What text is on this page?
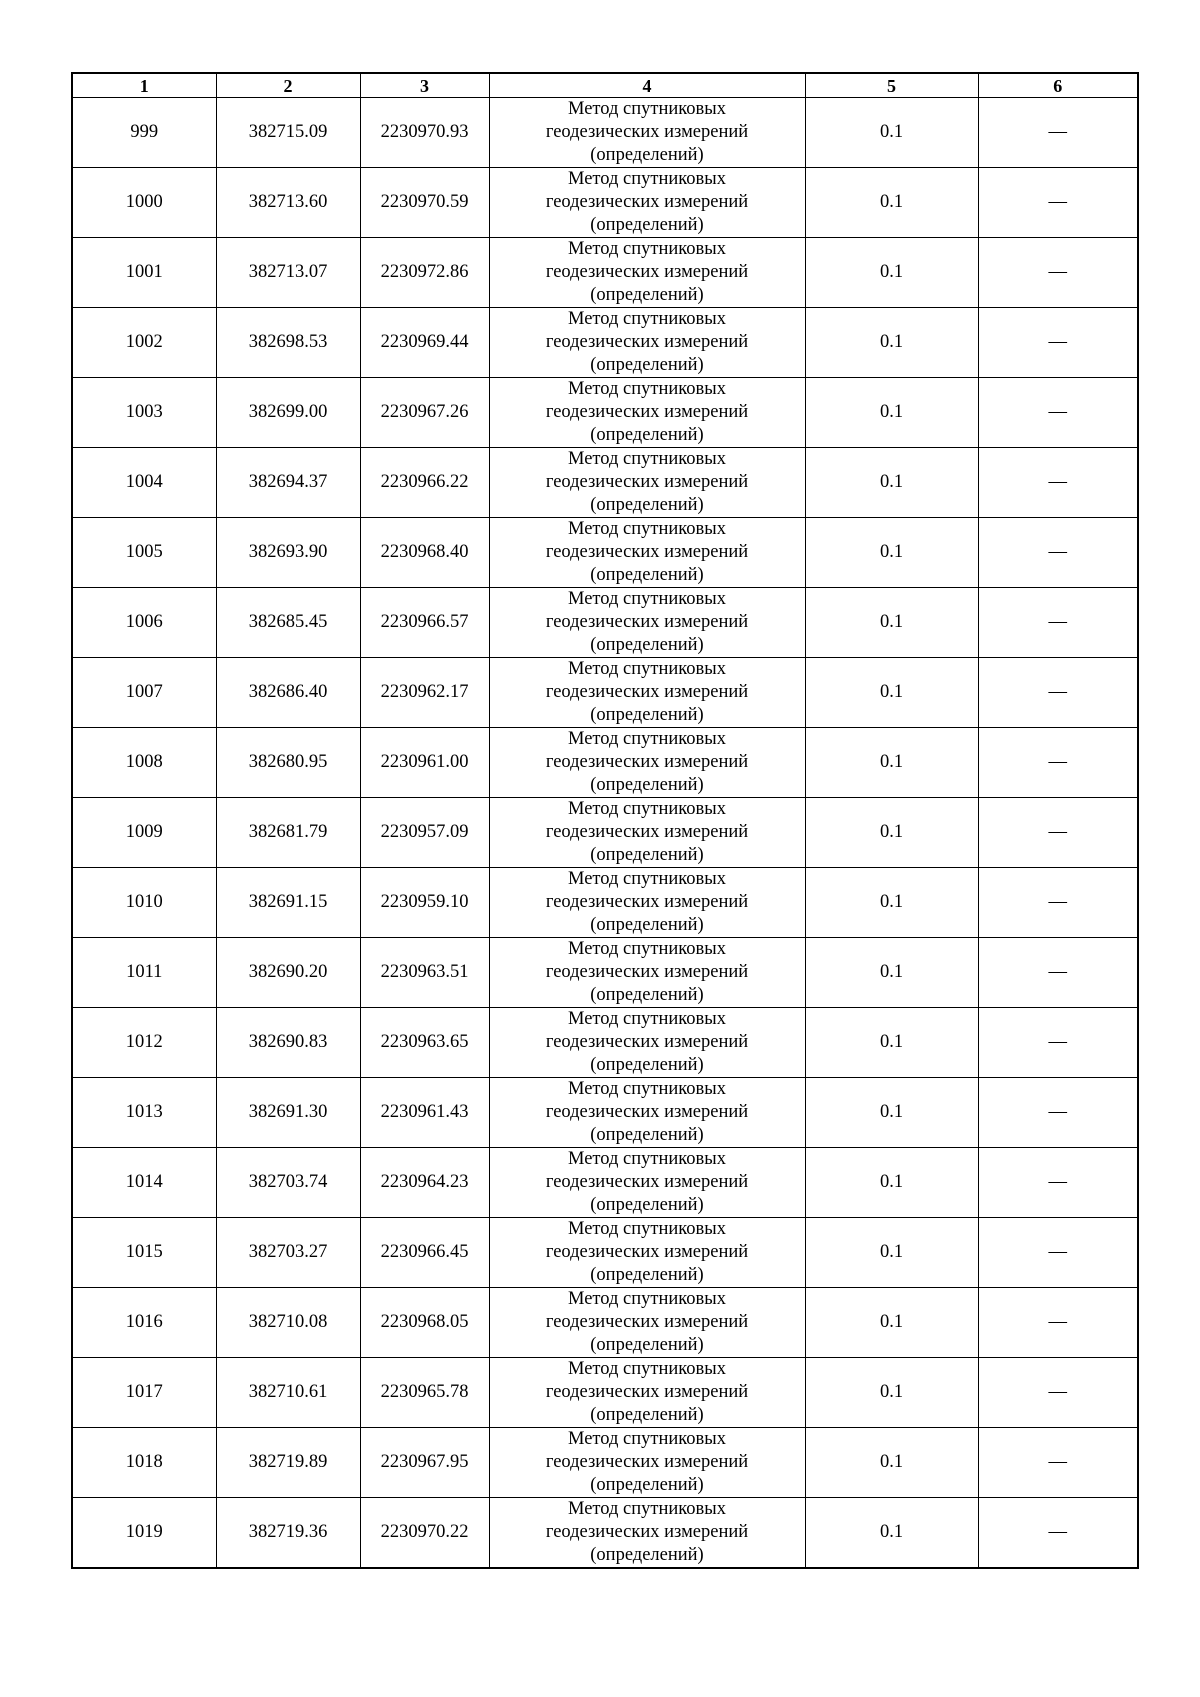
1	2	3	4	5	6
999	382715.09	2230970.93	Метод спутниковых
геодезических измерений
(определений)	0.1	—
1000	382713.60	2230970.59	Метод спутниковых
геодезических измерений
(определений)	0.1	—
1001	382713.07	2230972.86	Метод спутниковых
геодезических измерений
(определений)	0.1	—
1002	382698.53	2230969.44	Метод спутниковых
геодезических измерений
(определений)	0.1	—
1003	382699.00	2230967.26	Метод спутниковых
геодезических измерений
(определений)	0.1	—
1004	382694.37	2230966.22	Метод спутниковых
геодезических измерений
(определений)	0.1	—
1005	382693.90	2230968.40	Метод спутниковых
геодезических измерений
(определений)	0.1	—
1006	382685.45	2230966.57	Метод спутниковых
геодезических измерений
(определений)	0.1	—
1007	382686.40	2230962.17	Метод спутниковых
геодезических измерений
(определений)	0.1	—
1008	382680.95	2230961.00	Метод спутниковых
геодезических измерений
(определений)	0.1	—
1009	382681.79	2230957.09	Метод спутниковых
геодезических измерений
(определений)	0.1	—
1010	382691.15	2230959.10	Метод спутниковых
геодезических измерений
(определений)	0.1	—
1011	382690.20	2230963.51	Метод спутниковых
геодезических измерений
(определений)	0.1	—
1012	382690.83	2230963.65	Метод спутниковых
геодезических измерений
(определений)	0.1	—
1013	382691.30	2230961.43	Метод спутниковых
геодезических измерений
(определений)	0.1	—
1014	382703.74	2230964.23	Метод спутниковых
геодезических измерений
(определений)	0.1	—
1015	382703.27	2230966.45	Метод спутниковых
геодезических измерений
(определений)	0.1	—
1016	382710.08	2230968.05	Метод спутниковых
геодезических измерений
(определений)	0.1	—
1017	382710.61	2230965.78	Метод спутниковых
геодезических измерений
(определений)	0.1	—
1018	382719.89	2230967.95	Метод спутниковых
геодезических измерений
(определений)	0.1	—
1019	382719.36	2230970.22	Метод спутниковых
геодезических измерений
(определений)	0.1	—
